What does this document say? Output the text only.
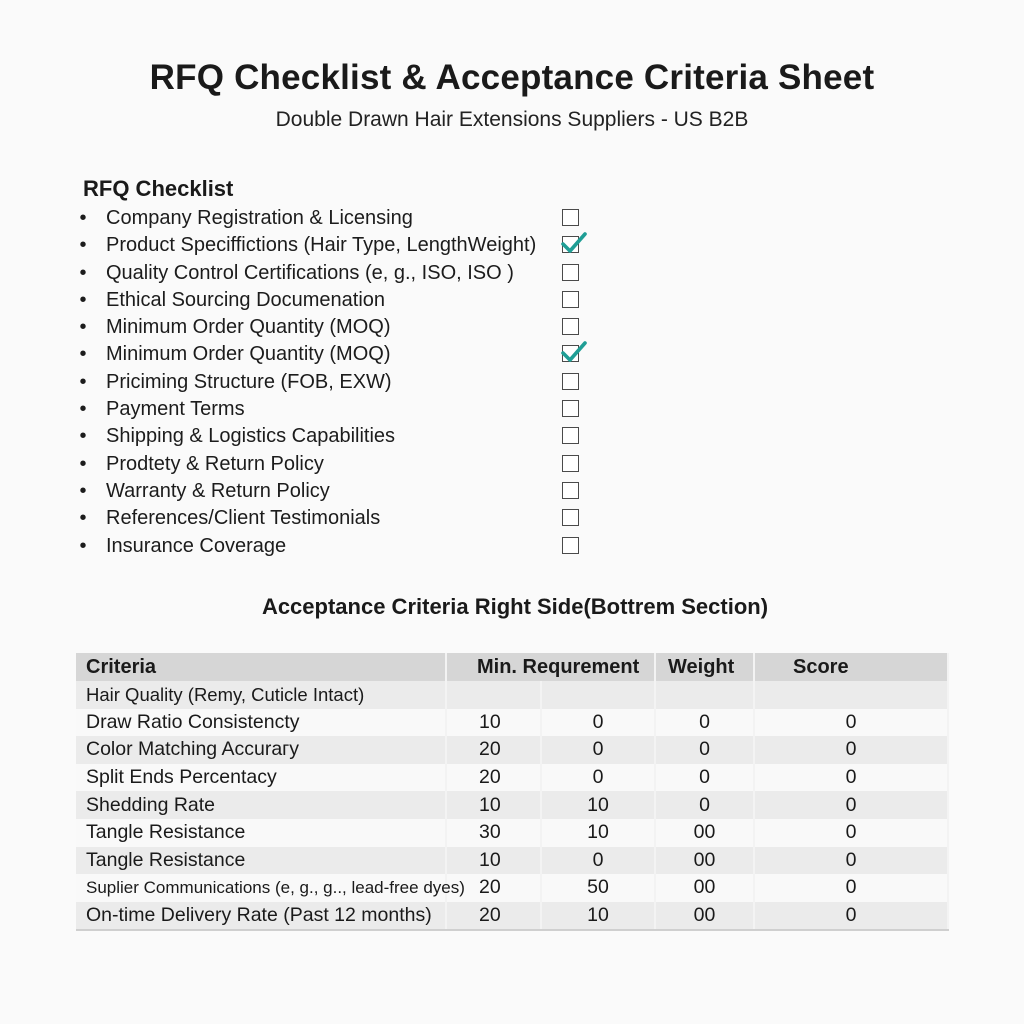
RFQ Checklist & Acceptance Criteria Sheet
Double Drawn Hair Extensions Suppliers - US B2B
RFQ Checklist
• Company Registration & Licensing
• Product Speciffictions (Hair Type, LengthWeight)
• Quality Control Certifications (e, g., ISO, ISO )
• Ethical Sourcing Documenation
• Minimum Order Quantity (MOQ)
• Minimum Order Quantity (MOQ)
• Priciming Structure (FOB, EXW)
• Payment Terms
• Shipping & Logistics Capabilities
• Prodtety & Return Policy
• Warranty & Return Policy
• References/Client Testimonials
• Insurance Coverage
Acceptance Criteria Right Side(Bottrem Section)
Criteria	Min. Requrement		Weight	Score
Hair Quality (Remy, Cuticle Intact)				
Draw Ratio Consistencty	10	0	0	0
Color Matching Accurагу	20	0	0	0
Split Ends Percentacy	20	0	0	0
Shedding Rate	10	10	0	0
Tangle Resistance	30	10	00	0
Tangle Resistance	10	0	00	0
Suplier Communications (e, g., g.., lead-free dyes)	20	50	00	0
On-time Delivery Rate (Past 12 months)	20	10	00	0
